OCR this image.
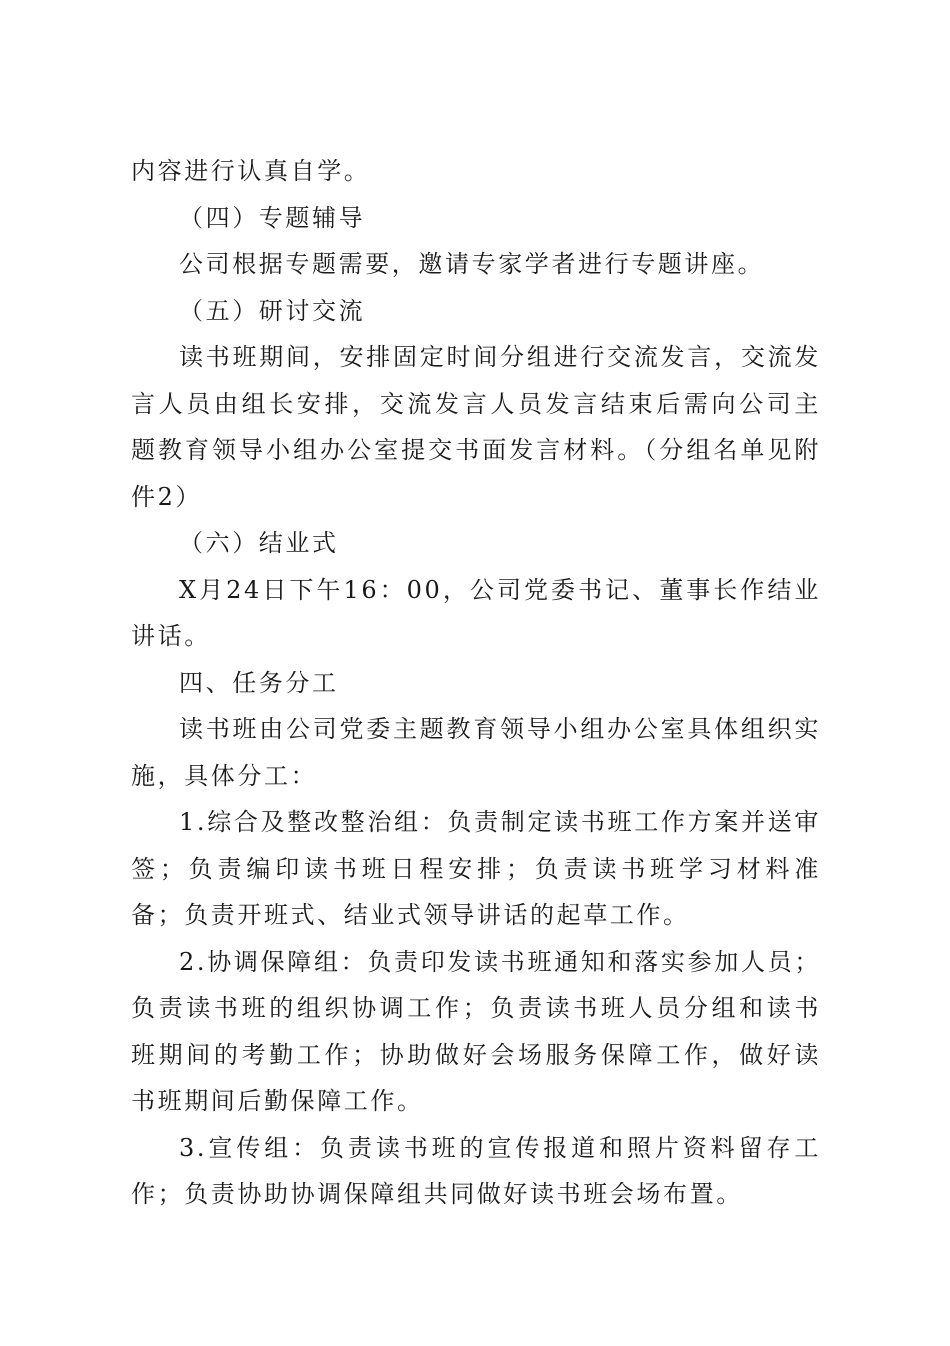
内容进行认真自学。

（四）专题辅导

公司根据专题需要，邀请专家学者进行专题讲座。

（五）研讨交流

读书班期间，安排固定时间分组进行交流发言，交流发言人员由组长安排，交流发言人员发言结束后需向公司主题教育领导小组办公室提交书面发言材料。（分组名单见附件2）

（六）结业式

X月24日下午16：00，公司党委书记、董事长作结业讲话。

四、任务分工

读书班由公司党委主题教育领导小组办公室具体组织实施，具体分工：

1.综合及整改整治组：负责制定读书班工作方案并送审签；负责编印读书班日程安排；负责读书班学习材料准备；负责开班式、结业式领导讲话的起草工作。

2.协调保障组：负责印发读书班通知和落实参加人员；负责读书班的组织协调工作；负责读书班人员分组和读书班期间的考勤工作；协助做好会场服务保障工作，做好读书班期间后勤保障工作。

3.宣传组：负责读书班的宣传报道和照片资料留存工作；负责协助协调保障组共同做好读书班会场布置。
